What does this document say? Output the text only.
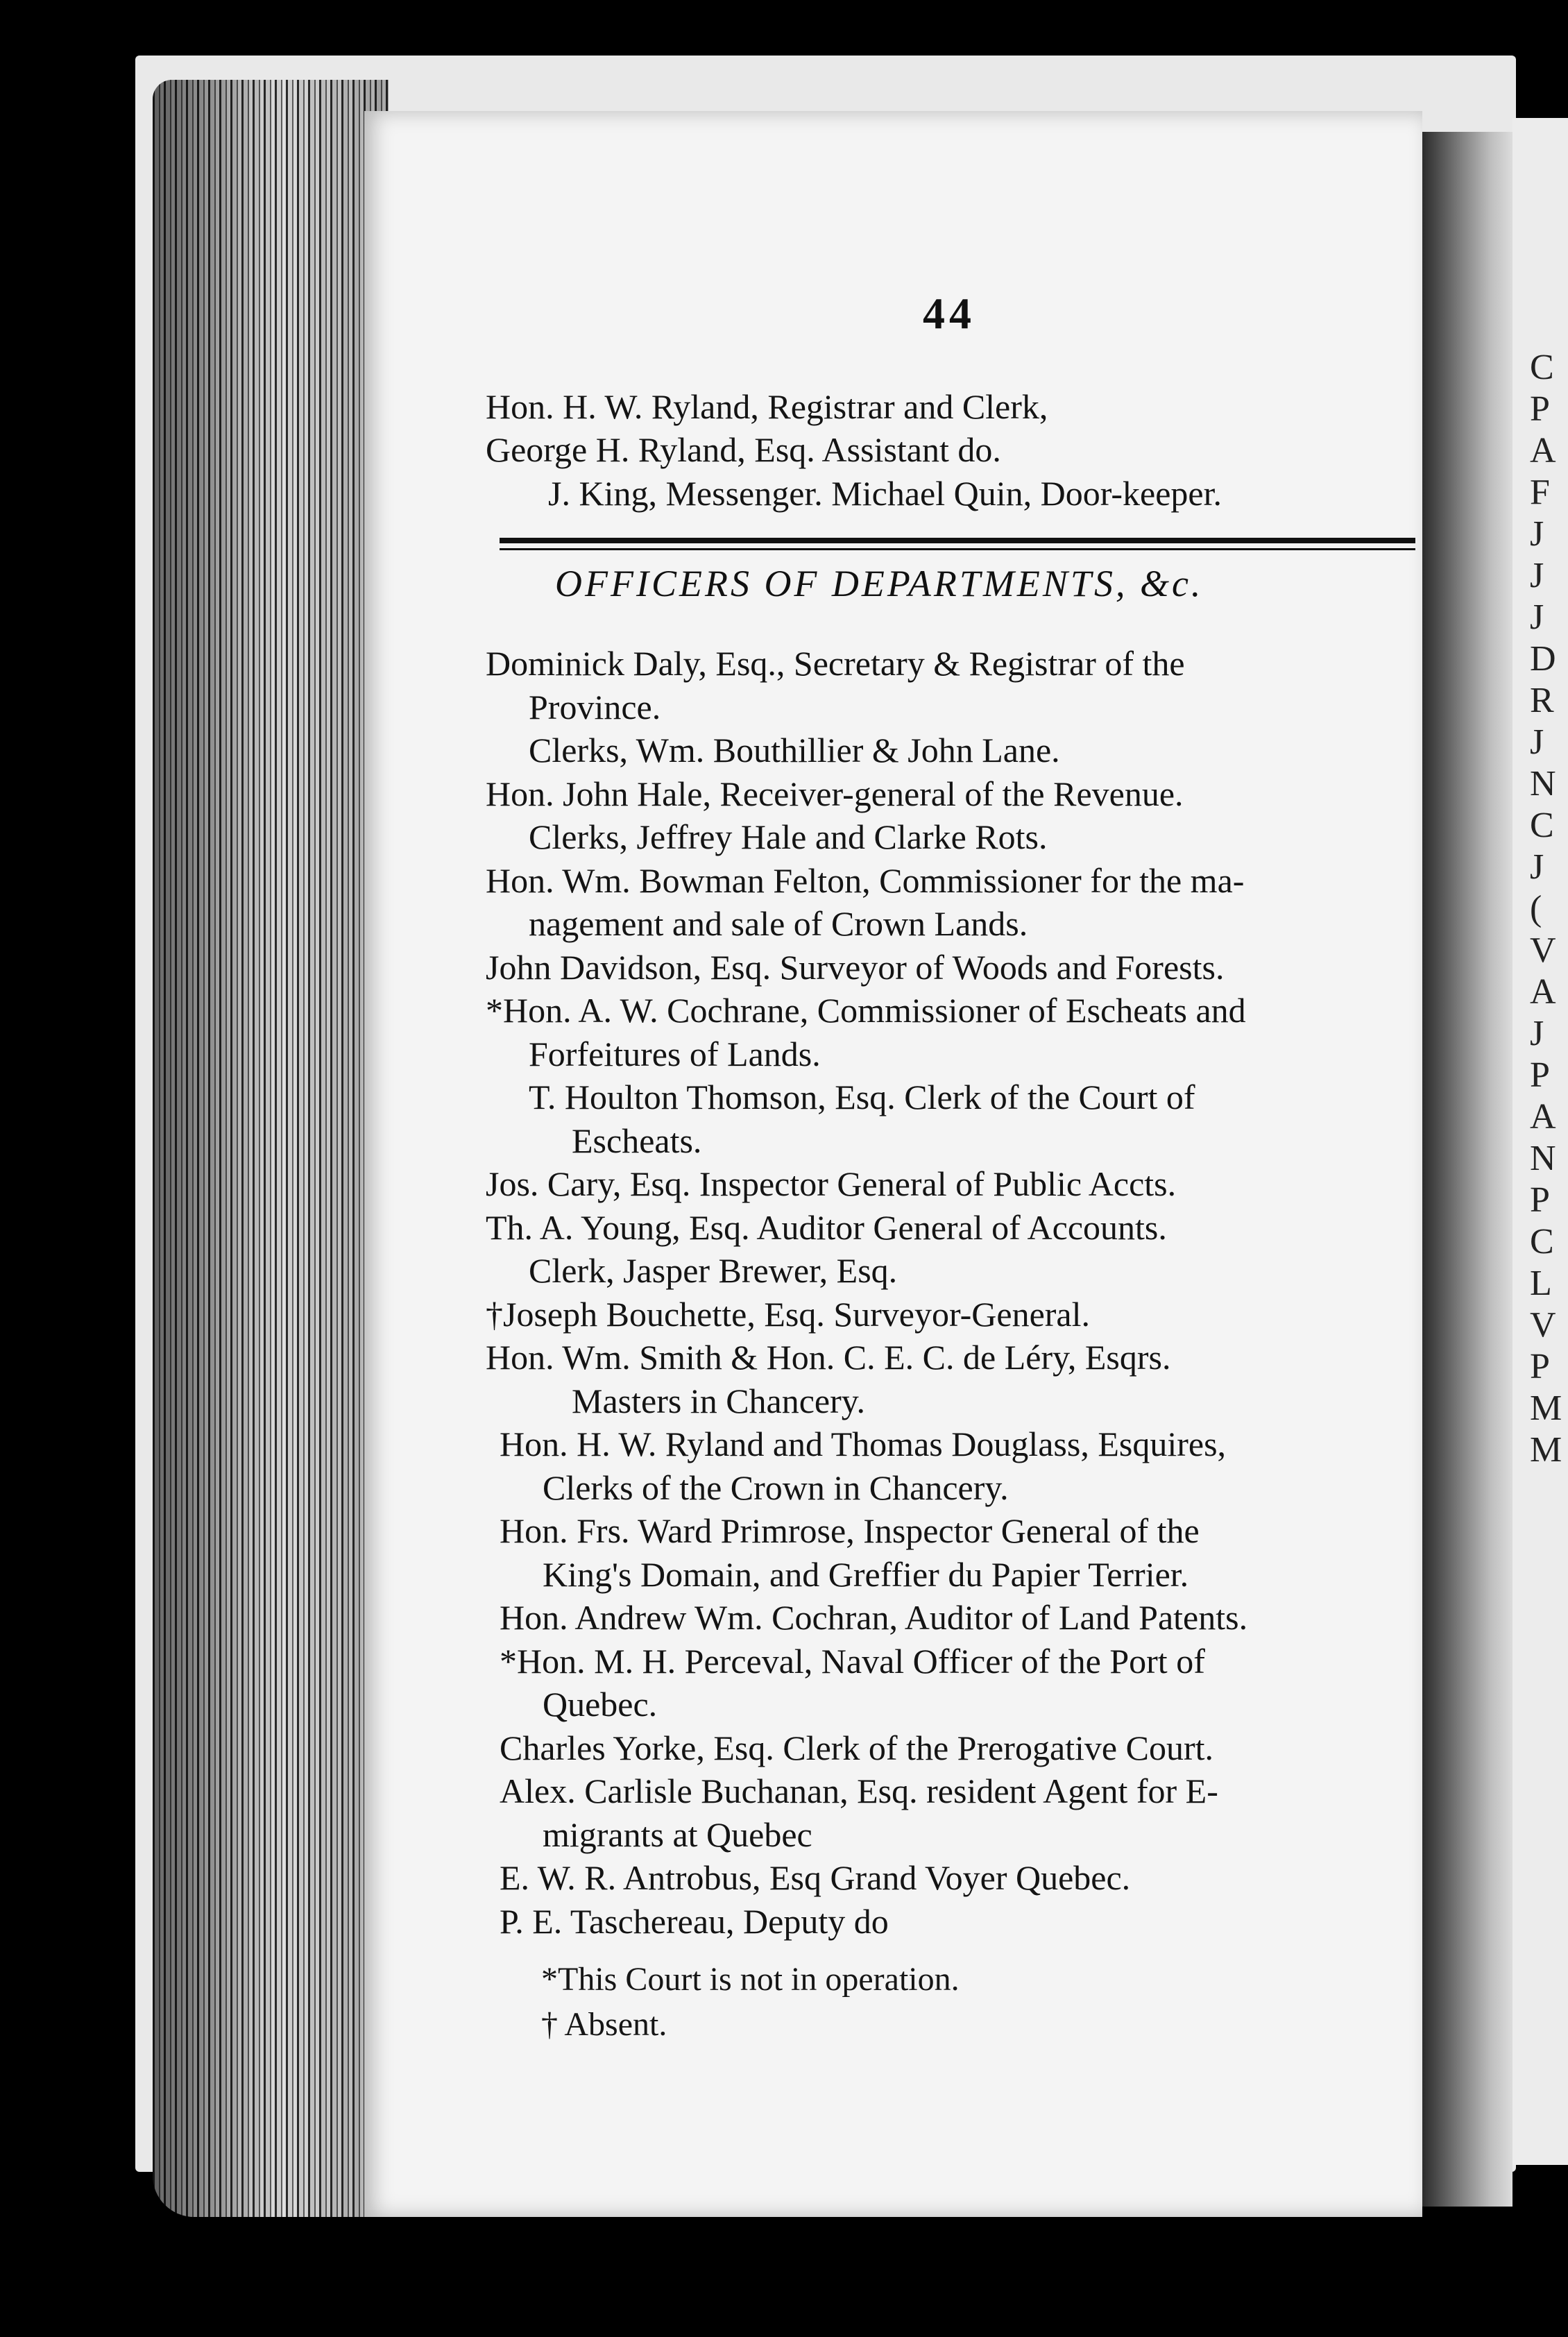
C
P
A
F
J
J
J
D
R
J
N
C
J
(
V
A
J
P
A
N
P
C
L
V
P
M
M
44
Hon. H. W. Ryland, Registrar and Clerk,
George H. Ryland, Esq. Assistant do.
J. King, Messenger. Michael Quin, Door-keeper.
OFFICERS OF DEPARTMENTS, &c.
Dominick Daly, Esq., Secretary & Registrar of the
Province.
Clerks, Wm. Bouthillier & John Lane.
Hon. John Hale, Receiver-general of the Revenue.
Clerks, Jeffrey Hale and Clarke Rots.
Hon. Wm. Bowman Felton, Commissioner for the ma-
nagement and sale of Crown Lands.
John Davidson, Esq. Surveyor of Woods and Forests.
*Hon. A. W. Cochrane, Commissioner of Escheats and
Forfeitures of Lands.
T. Houlton Thomson, Esq. Clerk of the Court of
Escheats.
Jos. Cary, Esq. Inspector General of Public Accts.
Th. A. Young, Esq. Auditor General of Accounts.
Clerk, Jasper Brewer, Esq.
†Joseph Bouchette, Esq. Surveyor-General.
Hon. Wm. Smith & Hon. C. E. C. de Léry, Esqrs.
Masters in Chancery.
Hon. H. W. Ryland and Thomas Douglass, Esquires,
Clerks of the Crown in Chancery.
Hon. Frs. Ward Primrose, Inspector General of the
King's Domain, and Greffier du Papier Terrier.
Hon. Andrew Wm. Cochran, Auditor of Land Patents.
*Hon. M. H. Perceval, Naval Officer of the Port of
Quebec.
Charles Yorke, Esq. Clerk of the Prerogative Court.
Alex. Carlisle Buchanan, Esq. resident Agent for E-
migrants at Quebec
E. W. R. Antrobus, Esq Grand Voyer Quebec.
P. E. Taschereau, Deputy do
*This Court is not in operation.
† Absent.
